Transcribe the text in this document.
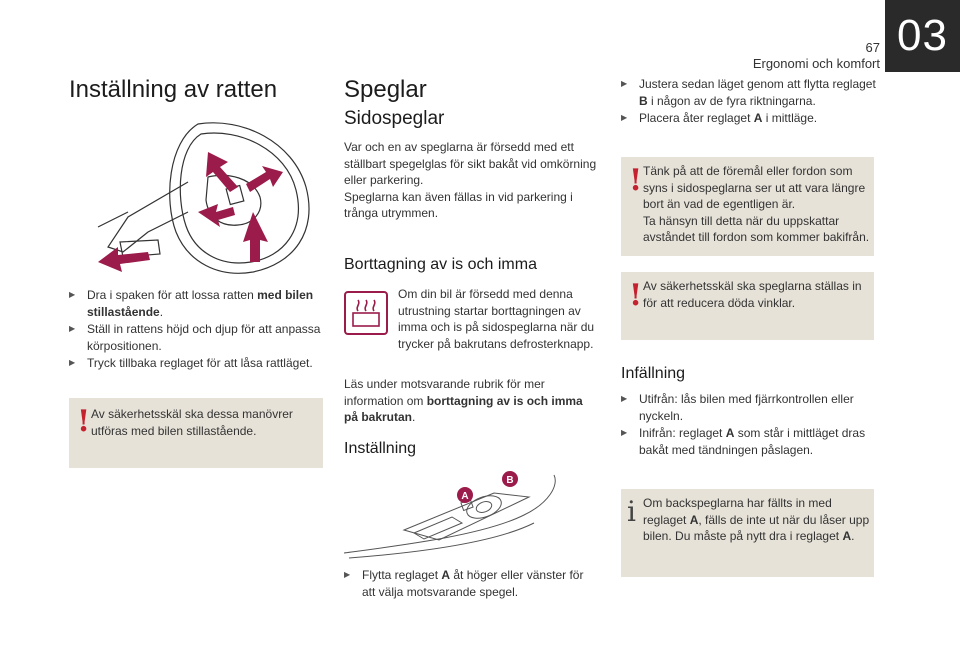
67
Ergonomi och komfort
03
Inställning av ratten
▶ Dra i spaken för att lossa ratten med bilen stillastående.
▶ Ställ in rattens höjd och djup för att anpassa körpositionen.
▶ Tryck tillbaka reglaget för att låsa rattläget.
! Av säkerhetsskäl ska dessa manövrer utföras med bilen stillastående.
Speglar
Sidospeglar
Var och en av speglarna är försedd med ett ställbart spegelglas för sikt bakåt vid omkörning eller parkering.
Speglarna kan även fällas in vid parkering i trånga utrymmen.
Borttagning av is och imma
Om din bil är försedd med denna utrustning startar borttagningen av imma och is på sidospeglarna när du trycker på bakrutans defrosterknapp.
Läs under motsvarande rubrik för mer information om borttagning av is och imma på bakrutan.
Inställning
A
B
▶ Flytta reglaget A åt höger eller vänster för att välja motsvarande spegel.
▶ Justera sedan läget genom att flytta reglaget B i någon av de fyra riktningarna.
▶ Placera åter reglaget A i mittläge.
! Tänk på att de föremål eller fordon som syns i sidospeglarna ser ut att vara längre bort än vad de egentligen är.
Ta hänsyn till detta när du uppskattar avståndet till fordon som kommer bakifrån.
! Av säkerhetsskäl ska speglarna ställas in för att reducera döda vinklar.
Infällning
▶ Utifrån: lås bilen med fjärrkontrollen eller nyckeln.
▶ Inifrån: reglaget A som står i mittläget dras bakåt med tändningen påslagen.
i Om backspeglarna har fällts in med reglaget A, fälls de inte ut när du låser upp bilen. Du måste på nytt dra i reglaget A.
